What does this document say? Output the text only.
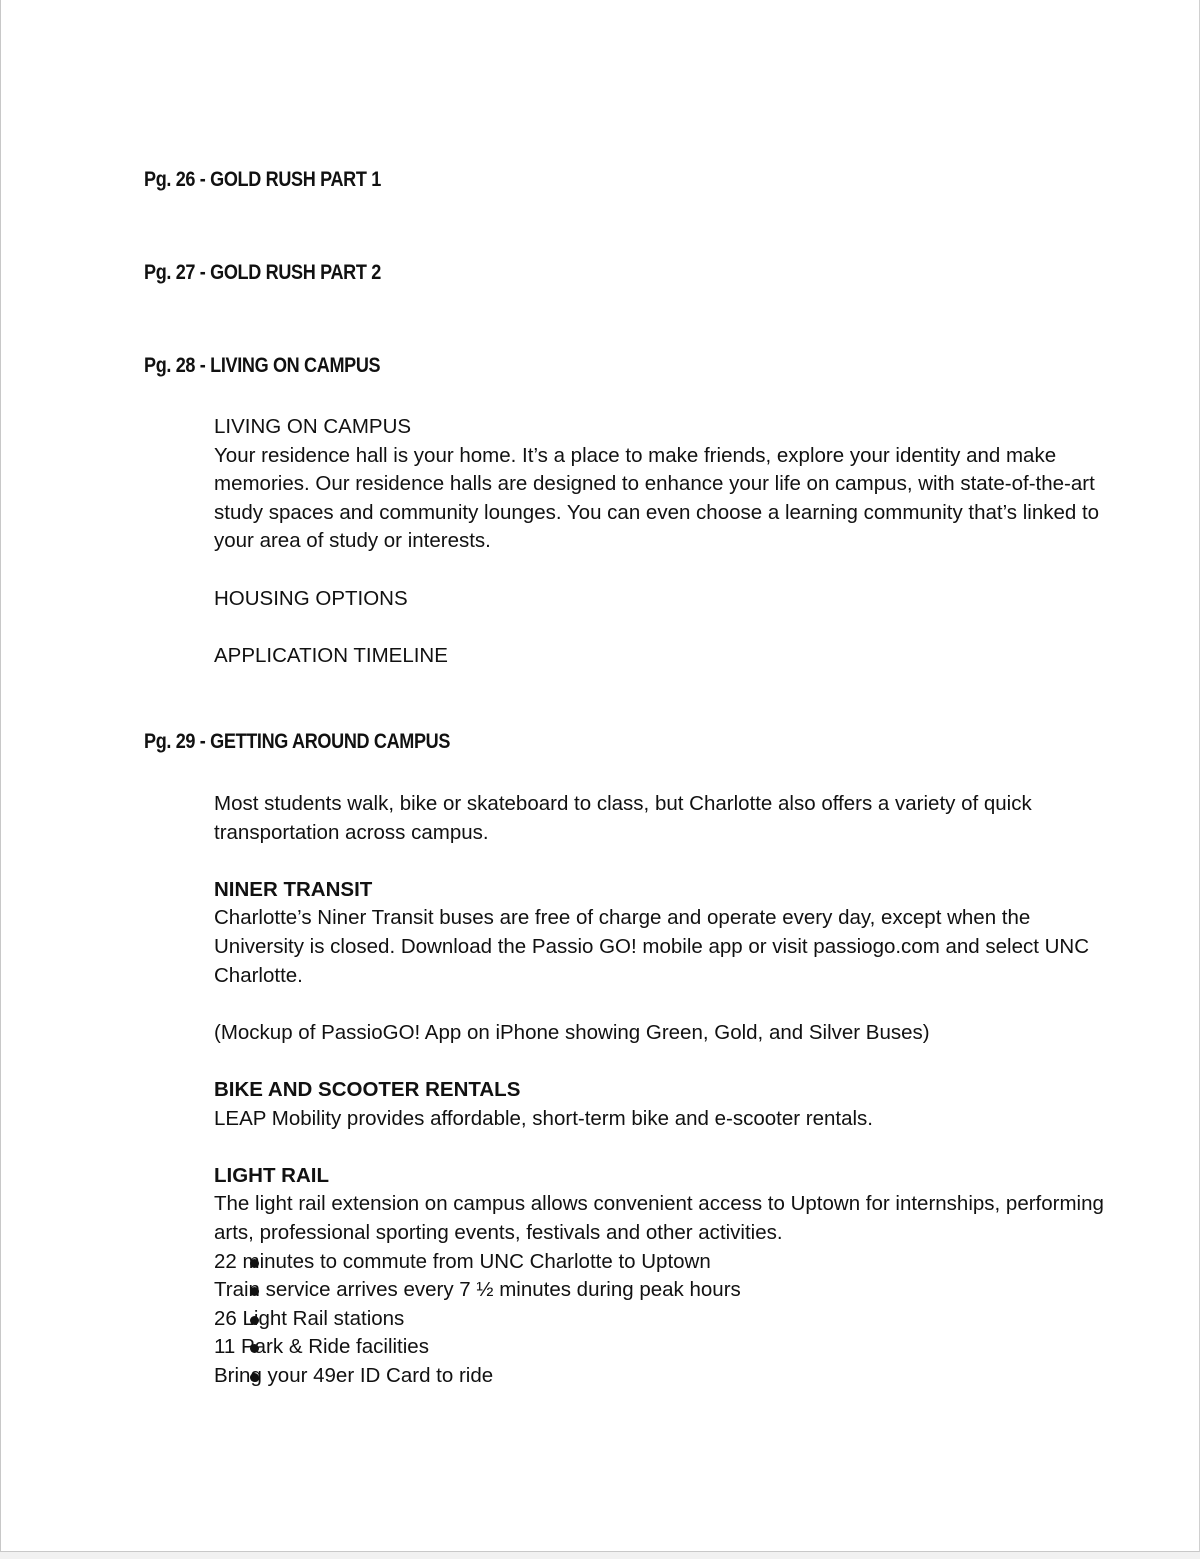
Pg. 26 - GOLD RUSH PART 1
Pg. 27 - GOLD RUSH PART 2
Pg. 28 - LIVING ON CAMPUS

LIVING ON CAMPUS

Your residence hall is your home. It’s a place to make friends, explore your identity and make memories. Our residence halls are designed to enhance your life on campus, with state-of-the-art study spaces and community lounges. You can even choose a learning community that’s linked to your area of study or interests.

HOUSING OPTIONS

APPLICATION TIMELINE

Pg. 29 - GETTING AROUND CAMPUS

Most students walk, bike or skateboard to class, but Charlotte also offers a variety of quick transportation across campus.

NINER TRANSIT

Charlotte’s Niner Transit buses are free of charge and operate every day, except when the University is closed. Download the Passio GO! mobile app or visit passiogo.com and select UNC Charlotte.

(Mockup of PassioGO! App on iPhone showing Green, Gold, and Silver Buses)

BIKE AND SCOOTER RENTALS

LEAP Mobility provides affordable, short-term bike and e-scooter rentals.

LIGHT RAIL

The light rail extension on campus allows convenient access to Uptown for internships, performing arts, professional sporting events, festivals and other activities.

22 minutes to commute from UNC Charlotte to Uptown
Train service arrives every 7 ½ minutes during peak hours
26 Light Rail stations
11 Park & Ride facilities
Bring your 49er ID Card to ride
